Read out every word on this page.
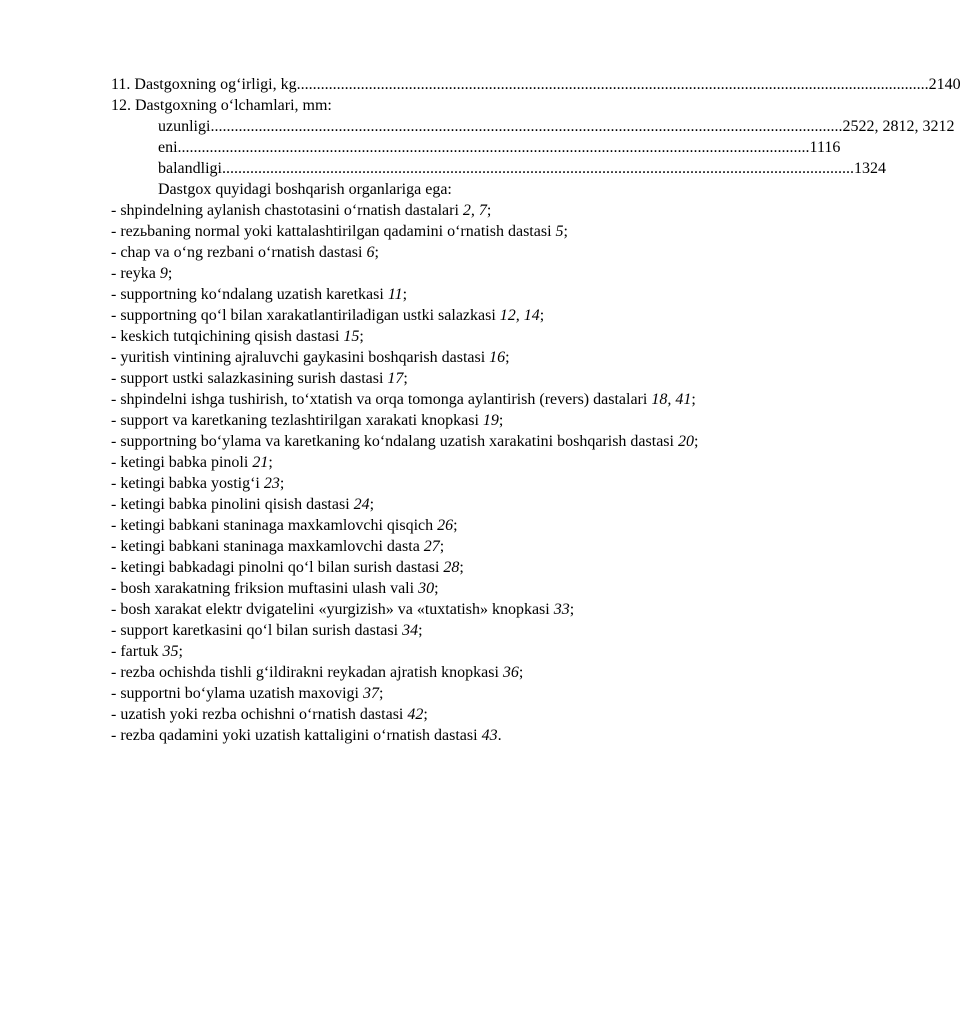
11. Dastgoxning og‘irligi, kg .............................................................................................................................................................. 2140
12. Dastgoxning o‘lchamlari, mm:
uzunligi .............................................................................................................................................................. 2522, 2812, 3212
eni .............................................................................................................................................................. 1116
balandligi .............................................................................................................................................................. 1324
Dastgox quyidagi boshqarish organlariga ega:
- shpindelning aylanish chastotasini o‘rnatish dastalari 2, 7;
- rezьbaning normal yoki kattalashtirilgan qadamini o‘rnatish dastasi 5;
- chap va o‘ng rezbani o‘rnatish dastasi 6;
- reyka 9;
- supportning ko‘ndalang uzatish karetkasi 11;
- supportning qo‘l bilan xarakatlantiriladigan ustki salazkasi 12, 14;
- keskich tutqichining qisish dastasi 15;
- yuritish vintining ajraluvchi gaykasini boshqarish dastasi 16;
- support ustki salazkasining surish dastasi 17;
- shpindelni ishga tushirish, to‘xtatish va orqa tomonga aylantirish (revers) dastalari 18, 41;
- support va karetkaning tezlashtirilgan xarakati knopkasi 19;
- supportning bo‘ylama va karetkaning ko‘ndalang uzatish xarakatini boshqarish dastasi 20;
- ketingi babka pinoli 21;
- ketingi babka yostig‘i 23;
- ketingi babka pinolini qisish dastasi 24;
- ketingi babkani staninaga maxkamlovchi qisqich 26;
- ketingi babkani staninaga maxkamlovchi dasta 27;
- ketingi babkadagi pinolni qo‘l bilan surish dastasi 28;
- bosh xarakatning friksion muftasini ulash vali 30;
- bosh xarakat elektr dvigatelini «yurgizish» va «tuxtatish» knopkasi 33;
- support karetkasini qo‘l bilan surish dastasi 34;
- fartuk 35;
- rezba ochishda tishli g‘ildirakni reykadan ajratish knopkasi 36;
- supportni bo‘ylama uzatish maxovigi 37;
- uzatish yoki rezba ochishni o‘rnatish dastasi 42;
- rezba qadamini yoki uzatish kattaligini o‘rnatish dastasi 43.
